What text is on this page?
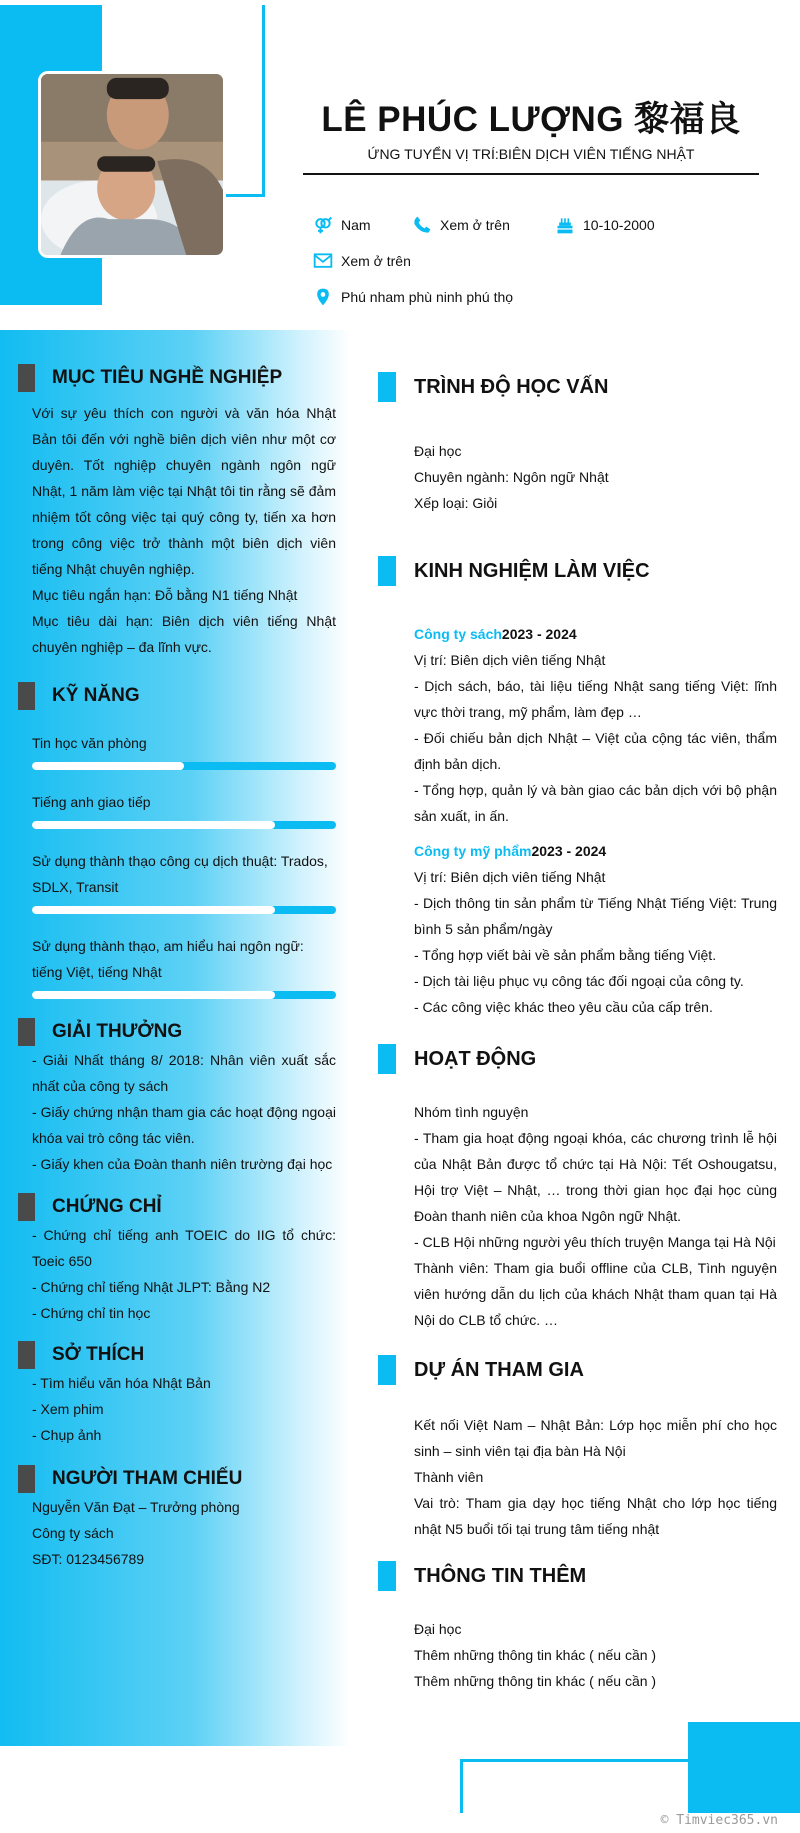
LÊ PHÚC LƯỢNG 黎福良
ỨNG TUYỂN VỊ TRÍ:BIÊN DỊCH VIÊN TIẾNG NHẬT
Nam	Xem ở trên	10-10-2000
Xem ở trên
Phú nham phù ninh phú thọ
MỤC TIÊU NGHỀ NGHIỆP
Với sự yêu thích con người và văn hóa Nhật Bản tôi đến với nghề biên dịch viên như một cơ duyên. Tốt nghiệp chuyên ngành ngôn ngữ Nhật, 1 năm làm việc tại Nhật tôi tin rằng sẽ đảm nhiệm tốt công việc tại quý công ty, tiến xa hơn trong công việc trở thành một biên dịch viên tiếng Nhật chuyên nghiệp.
Mục tiêu ngắn hạn: Đỗ bằng N1 tiếng Nhật
Mục tiêu dài hạn: Biên dịch viên tiếng Nhật chuyên nghiệp – đa lĩnh vực.
KỸ NĂNG
Tin học văn phòng
Tiếng anh giao tiếp
Sử dụng thành thạo công cụ dịch thuật: Trados, SDLX, Transit
Sử dụng thành thạo, am hiểu hai ngôn ngữ: tiếng Việt, tiếng Nhật
GIẢI THƯỞNG
- Giải Nhất tháng 8/ 2018: Nhân viên xuất sắc nhất của công ty sách
- Giấy chứng nhận tham gia các hoạt động ngoại khóa vai trò công tác viên.
- Giấy khen của Đoàn thanh niên trường đại học
CHỨNG CHỈ
- Chứng chỉ tiếng anh TOEIC do IIG tổ chức: Toeic 650
- Chứng chỉ tiếng Nhật JLPT: Bằng N2
- Chứng chỉ tin học
SỞ THÍCH
- Tìm hiểu văn hóa Nhật Bản
- Xem phim
- Chụp ảnh
NGƯỜI THAM CHIẾU
Nguyễn Văn Đạt – Trưởng phòng
Công ty sách
SĐT: 0123456789
TRÌNH ĐỘ HỌC VẤN
Đại học
Chuyên ngành: Ngôn ngữ Nhật
Xếp loại: Giỏi
KINH NGHIỆM LÀM VIỆC
Công ty sách2023 - 2024
Vị trí: Biên dịch viên tiếng Nhật
- Dịch sách, báo, tài liệu tiếng Nhật sang tiếng Việt: lĩnh vực thời trang, mỹ phẩm, làm đẹp …
- Đối chiếu bản dịch Nhật – Việt của cộng tác viên, thẩm định bản dịch.
- Tổng hợp, quản lý và bàn giao các bản dịch với bộ phận sản xuất, in ấn.
Công ty mỹ phẩm2023 - 2024
Vị trí: Biên dịch viên tiếng Nhật
- Dịch thông tin sản phẩm từ Tiếng Nhật Tiếng Việt: Trung bình 5 sản phẩm/ngày
- Tổng hợp viết bài về sản phẩm bằng tiếng Việt.
- Dịch tài liệu phục vụ công tác đối ngoại của công ty.
- Các công việc khác theo yêu cầu của cấp trên.
HOẠT ĐỘNG
Nhóm tình nguyện
- Tham gia hoạt động ngoại khóa, các chương trình lễ hội của Nhật Bản được tổ chức tại Hà Nội: Tết Oshougatsu, Hội trợ Việt – Nhật, … trong thời gian học đại học cùng Đoàn thanh niên của khoa Ngôn ngữ Nhật.
- CLB Hội những người yêu thích truyện Manga tại Hà Nội
Thành viên: Tham gia buổi offline của CLB, Tình nguyện viên hướng dẫn du lịch của khách Nhật tham quan tại Hà Nội do CLB tổ chức. …
DỰ ÁN THAM GIA
Kết nối Việt Nam – Nhật Bản: Lớp học miễn phí cho học sinh – sinh viên tại địa bàn Hà Nội
Thành viên
Vai trò: Tham gia dạy học tiếng Nhật cho lớp học tiếng nhật N5 buổi tối tại trung tâm tiếng nhật
THÔNG TIN THÊM
Đại học
Thêm những thông tin khác ( nếu cần )
Thêm những thông tin khác ( nếu cần )
© Timviec365.vn
